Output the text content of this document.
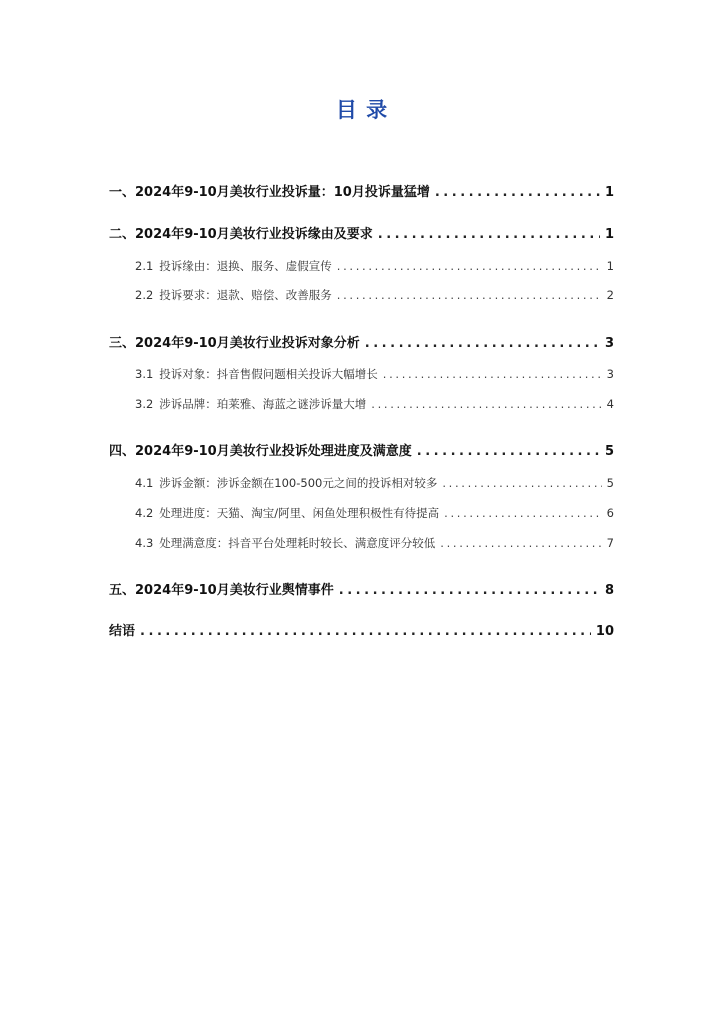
目 录
一、 2024年9-10月美妆行业投诉量：10月投诉量猛增 . . .	1
二、 2024年9-10月美妆行业投诉缘由及要求 . . .	1
2.1 投诉缘由：退换、服务、虚假宣传 . . .	1
2.2 投诉要求：退款、赔偿、改善服务 . . .	2
三、 2024年9-10月美妆行业投诉对象分析 . . .	3
3.1 投诉对象：抖音售假问题相关投诉大幅增长 . . .	3
3.2 涉诉品牌：珀莱雅、海蓝之谜涉诉量大增 . . .	4
四、 2024年9-10月美妆行业投诉处理进度及满意度 . . .	5
4.1 涉诉金额：涉诉金额在100-500元之间的投诉相对较多 . . .	5
4.2 处理进度：天猫、淘宝/阿里、闲鱼处理积极性有待提高 . . .	6
4.3 处理满意度：抖音平台处理耗时较长、满意度评分较低 . . .	7
五、 2024年9-10月美妆行业舆情事件 . . .	8
结语 . . .	10
